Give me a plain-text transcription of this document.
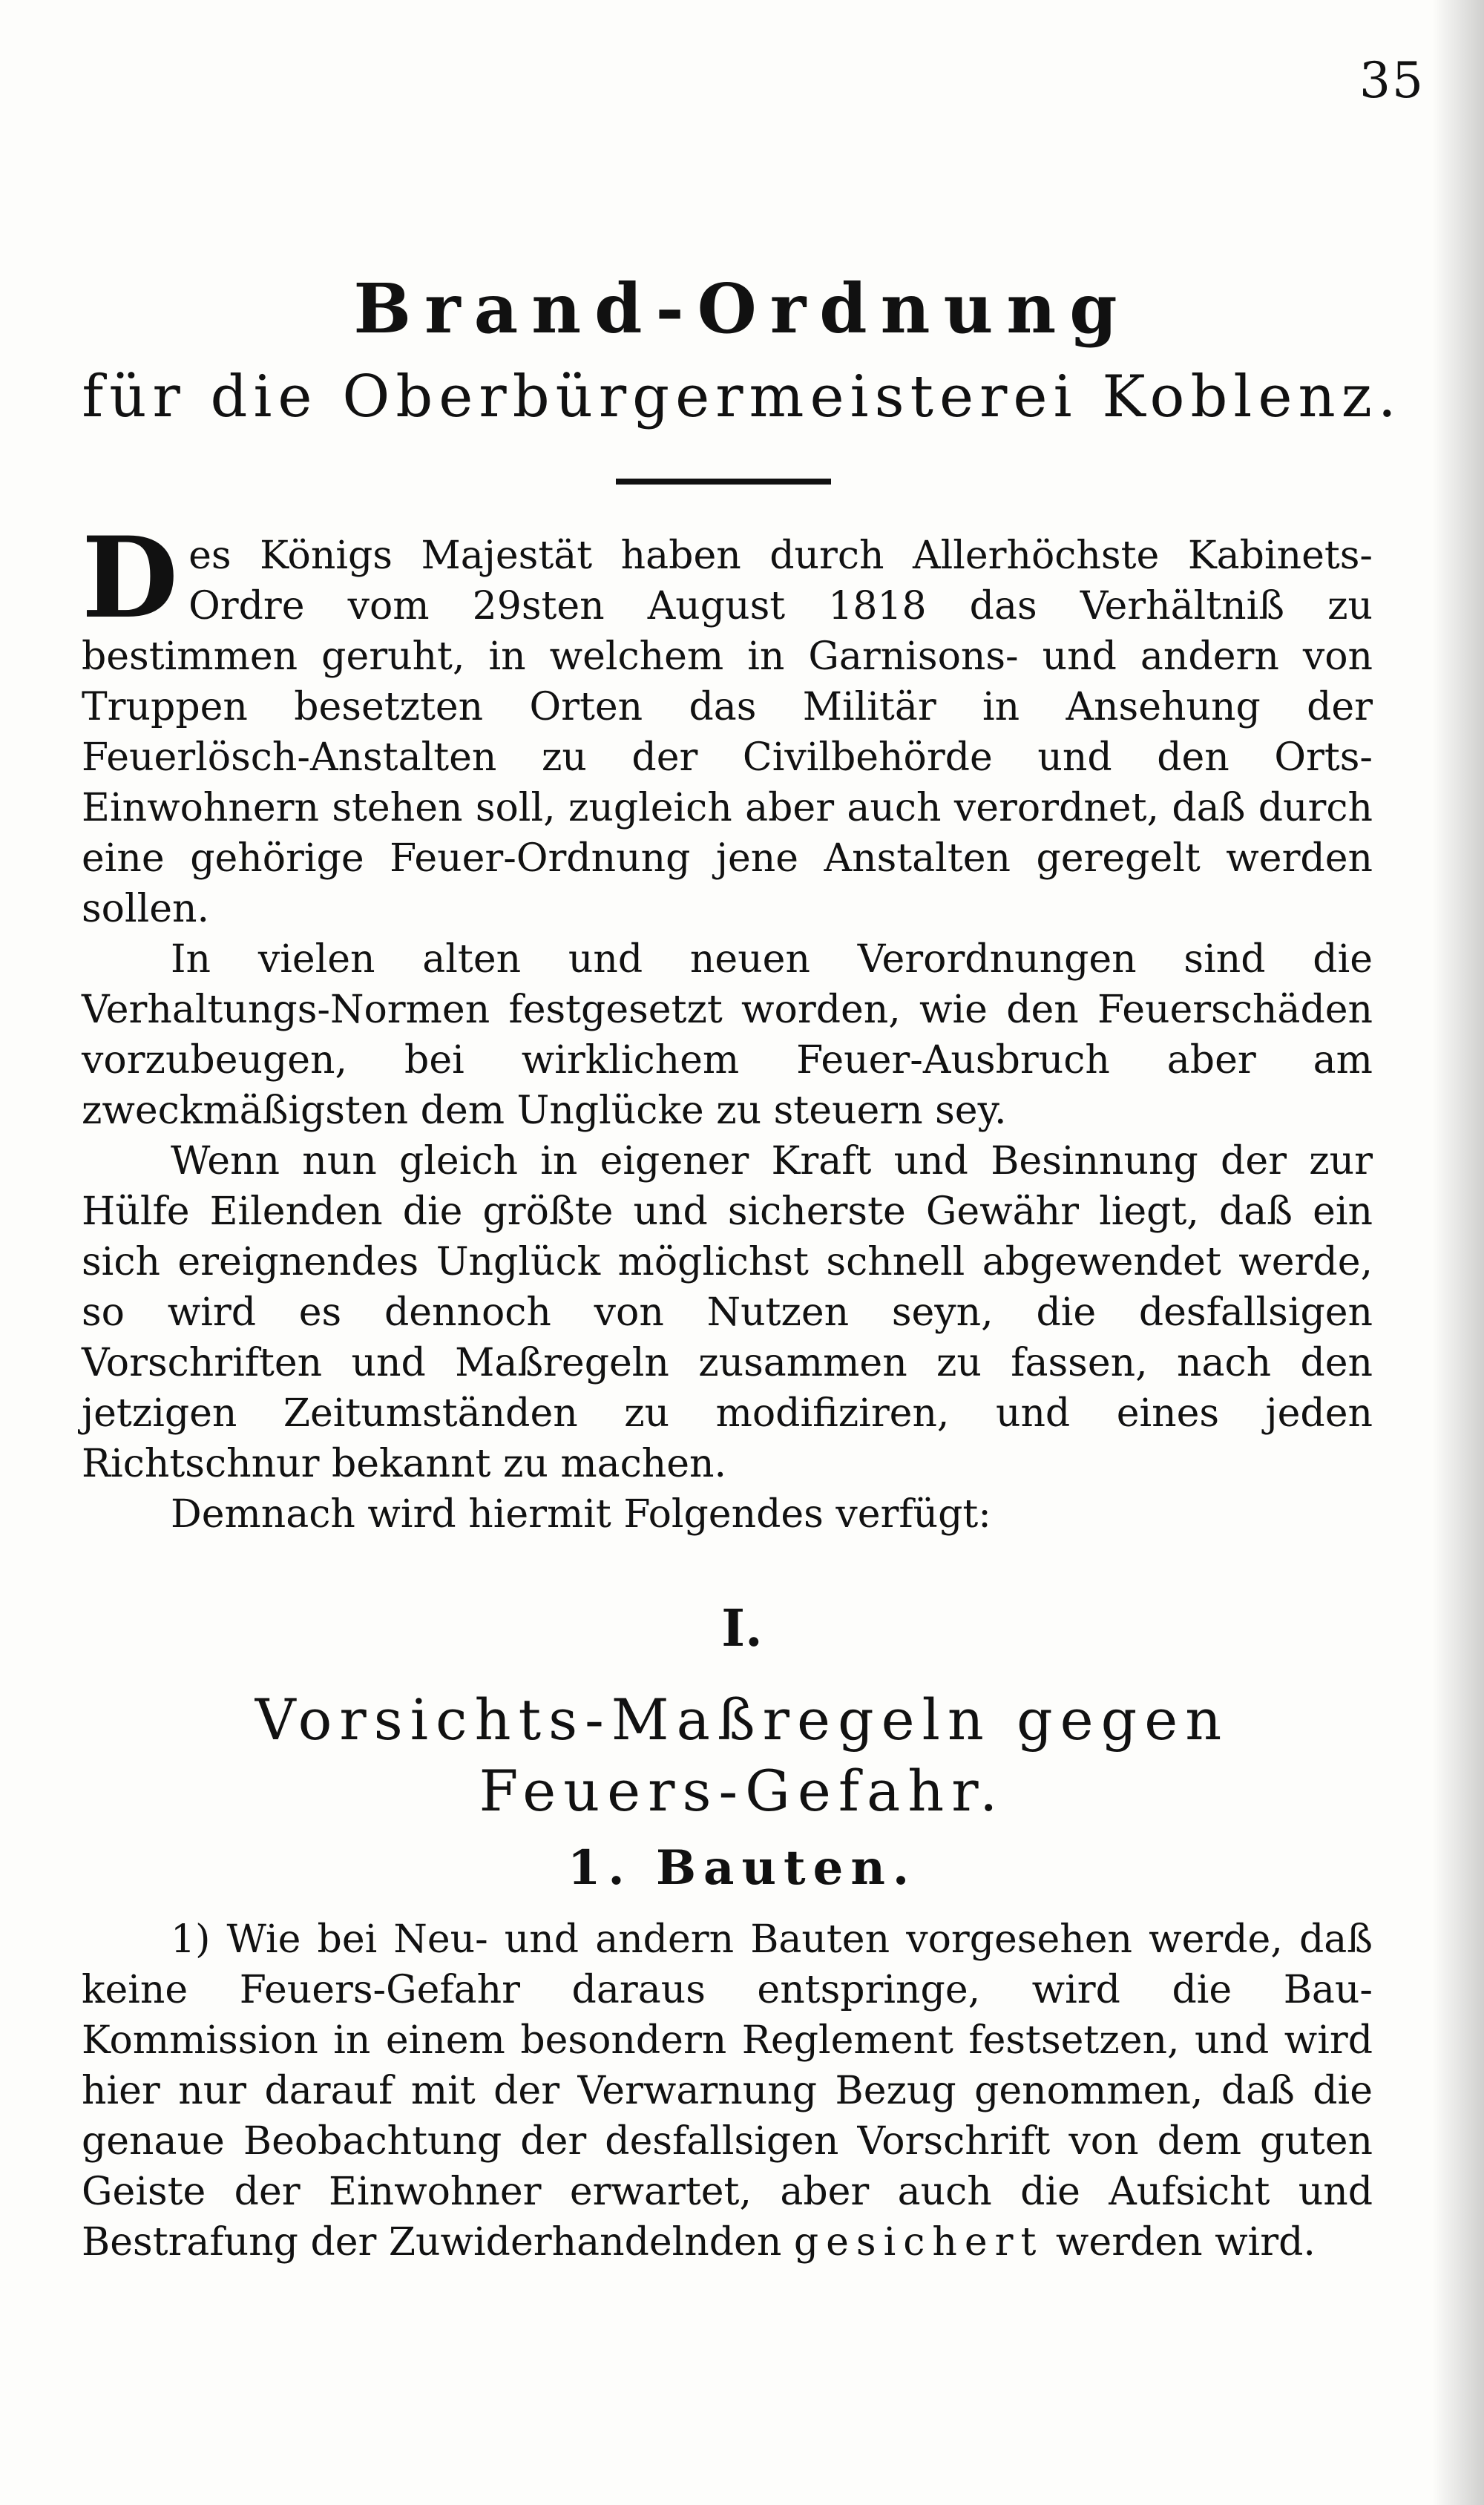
35
Brand-Ordnung
für die Oberbürgermeisterei Koblenz.

Des Königs Majestät haben durch Allerhöchste Kabinets-Ordre vom 29sten August 1818 das Verhältniß zu bestimmen geruht, in welchem in Garnisons- und andern von Truppen besetzten Orten das Militär in Ansehung der Feuerlösch-Anstalten zu der Civilbehörde und den Orts-Einwohnern stehen soll, zugleich aber auch verordnet, daß durch eine gehörige Feuer-Ordnung jene Anstalten geregelt werden sollen.

In vielen alten und neuen Verordnungen sind die Verhaltungs-Normen festgesetzt worden, wie den Feuerschäden vorzubeugen, bei wirklichem Feuer-Ausbruch aber am zweckmäßigsten dem Unglücke zu steuern sey.

Wenn nun gleich in eigener Kraft und Besinnung der zur Hülfe Eilenden die größte und sicherste Gewähr liegt, daß ein sich ereignendes Unglück möglichst schnell abgewendet werde, so wird es dennoch von Nutzen seyn, die desfallsigen Vorschriften und Maßregeln zusammen zu fassen, nach den jetzigen Zeitumständen zu modifiziren, und eines jeden Richtschnur bekannt zu machen.

Demnach wird hiermit Folgendes verfügt:

I.
Vorsichts-Maßregeln gegen Feuers-Gefahr.
1. Bauten.

1) Wie bei Neu- und andern Bauten vorgesehen werde, daß keine Feuers-Gefahr daraus entspringe, wird die Bau-Kommission in einem besondern Reglement festsetzen, und wird hier nur darauf mit der Verwarnung Bezug genommen, daß die genaue Beobachtung der desfallsigen Vorschrift von dem guten Geiste der Einwohner erwartet, aber auch die Aufsicht und Bestrafung der Zuwiderhandelnden gesichert werden wird.
